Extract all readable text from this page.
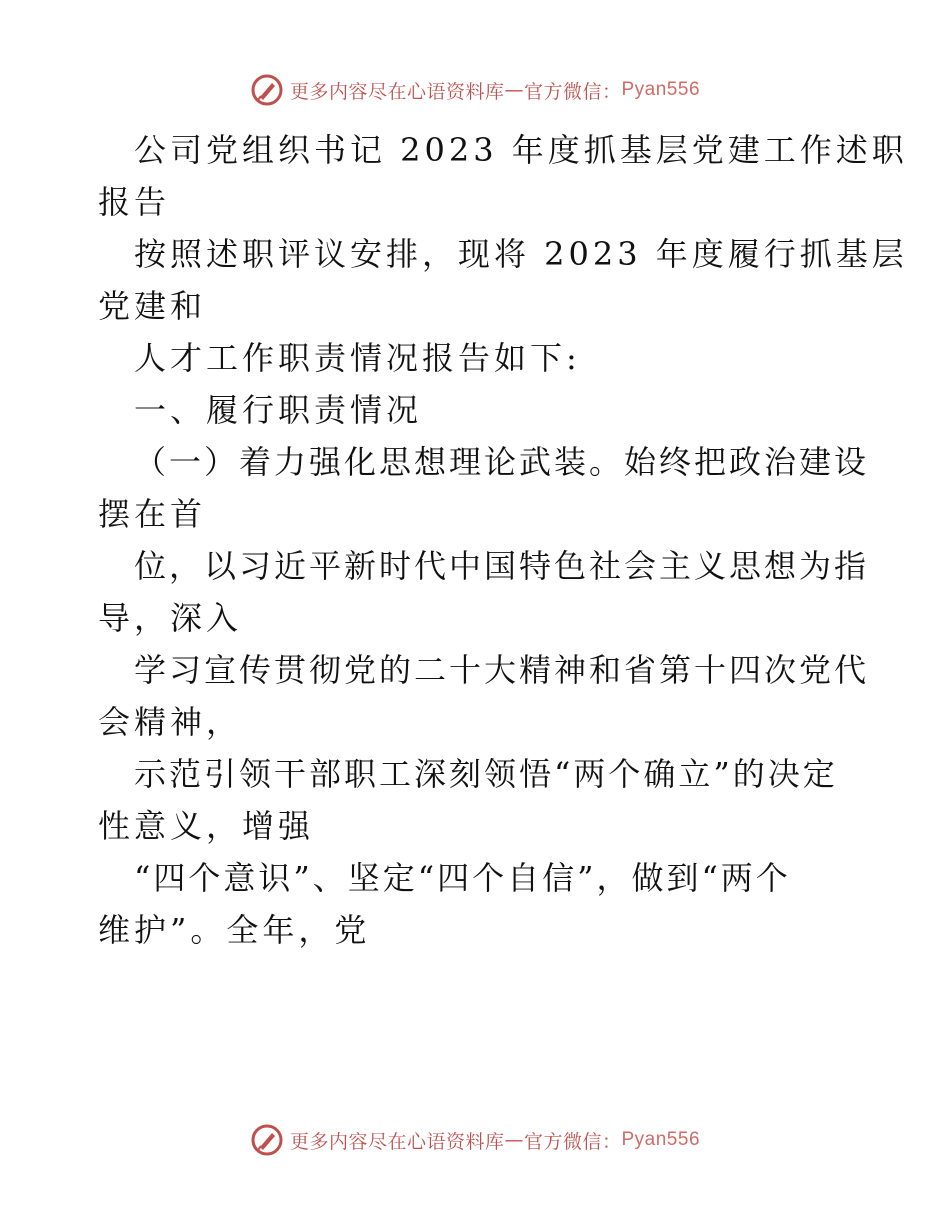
更多内容尽在心语资料库 — 官方微信： Pyan556
公司党组织书记 2023 年度抓基层党建工作述职
报告
按照述职评议安排，现将 2023 年度履行抓基层
党建和
人才工作职责情况报告如下:
一、履行职责情况
（一）着力强化思想理论武装。始终把政治建设
摆在首
位，以习近平新时代中国特色社会主义思想为指
导，深入
学习宣传贯彻党的二十大精神和省第十四次党代
会精神，
示范引领干部职工深刻领悟“两个确立”的决定
性意义，增强
“四个意识”、坚定“四个自信”，做到“两个
维护”。全年，党
更多内容尽在心语资料库 — 官方微信： Pyan556
